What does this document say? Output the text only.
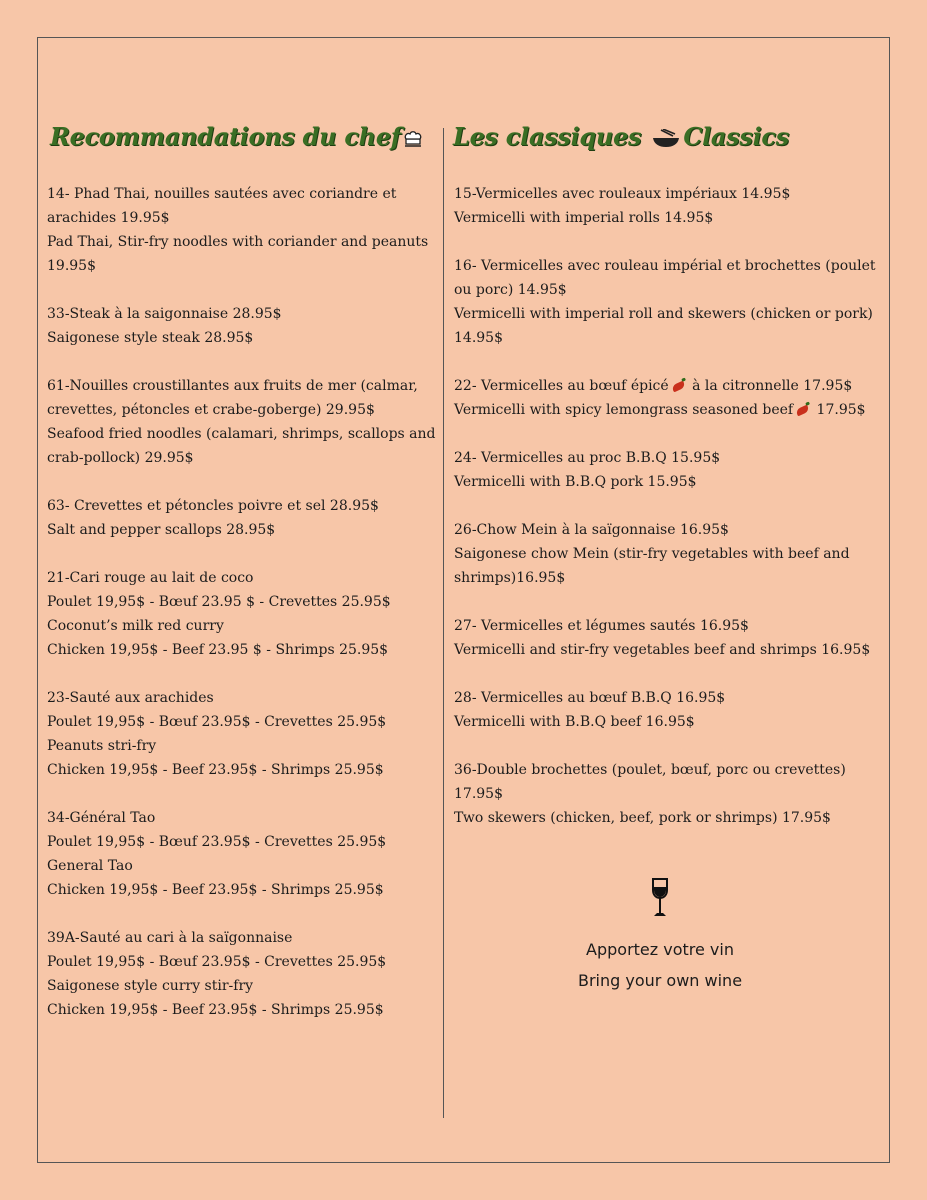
Recommandations du chef	Les classiques Classics
14- Phad Thai, nouilles sautées avec coriandre et arachides 19.95$
Pad Thai, Stir-fry noodles with coriander and peanuts 19.95$
33-Steak à la saigonnaise 28.95$
Saigonese style steak 28.95$
61-Nouilles croustillantes aux fruits de mer (calmar, crevettes, pétoncles et crabe-goberge) 29.95$
Seafood fried noodles (calamari, shrimps, scallops and crab-pollock) 29.95$
63- Crevettes et pétoncles poivre et sel 28.95$
Salt and pepper scallops 28.95$
21-Cari rouge au lait de coco
Poulet 19,95$ - Bœuf 23.95 $ - Crevettes 25.95$
Coconut’s milk red curry
Chicken 19,95$ - Beef 23.95 $ - Shrimps 25.95$
23-Sauté aux arachides
Poulet 19,95$ - Bœuf 23.95$ - Crevettes 25.95$
Peanuts stri-fry
Chicken 19,95$ - Beef 23.95$ - Shrimps 25.95$
34-Général Tao
Poulet 19,95$ - Bœuf 23.95$ - Crevettes 25.95$
General Tao
Chicken 19,95$ - Beef 23.95$ - Shrimps 25.95$
39A-Sauté au cari à la saïgonnaise
Poulet 19,95$ - Bœuf 23.95$ - Crevettes 25.95$
Saigonese style curry stir-fry
Chicken 19,95$ - Beef 23.95$ - Shrimps 25.95$
15-Vermicelles avec rouleaux impériaux 14.95$
Vermicelli with imperial rolls 14.95$
16- Vermicelles avec rouleau impérial et brochettes (poulet ou porc) 14.95$
Vermicelli with imperial roll and skewers (chicken or pork) 14.95$
22- Vermicelles au bœuf épicé à la citronnelle 17.95$
Vermicelli with spicy lemongrass seasoned beef 17.95$
24- Vermicelles au proc B.B.Q 15.95$
Vermicelli with B.B.Q pork 15.95$
26-Chow Mein à la saïgonnaise 16.95$
Saigonese chow Mein (stir-fry vegetables with beef and shrimps)16.95$
27- Vermicelles et légumes sautés 16.95$
Vermicelli and stir-fry vegetables beef and shrimps 16.95$
28- Vermicelles au bœuf B.B.Q 16.95$
Vermicelli with B.B.Q beef 16.95$
36-Double brochettes (poulet, bœuf, porc ou crevettes) 17.95$
Two skewers (chicken, beef, pork or shrimps) 17.95$
Apportez votre vin
Bring your own wine
